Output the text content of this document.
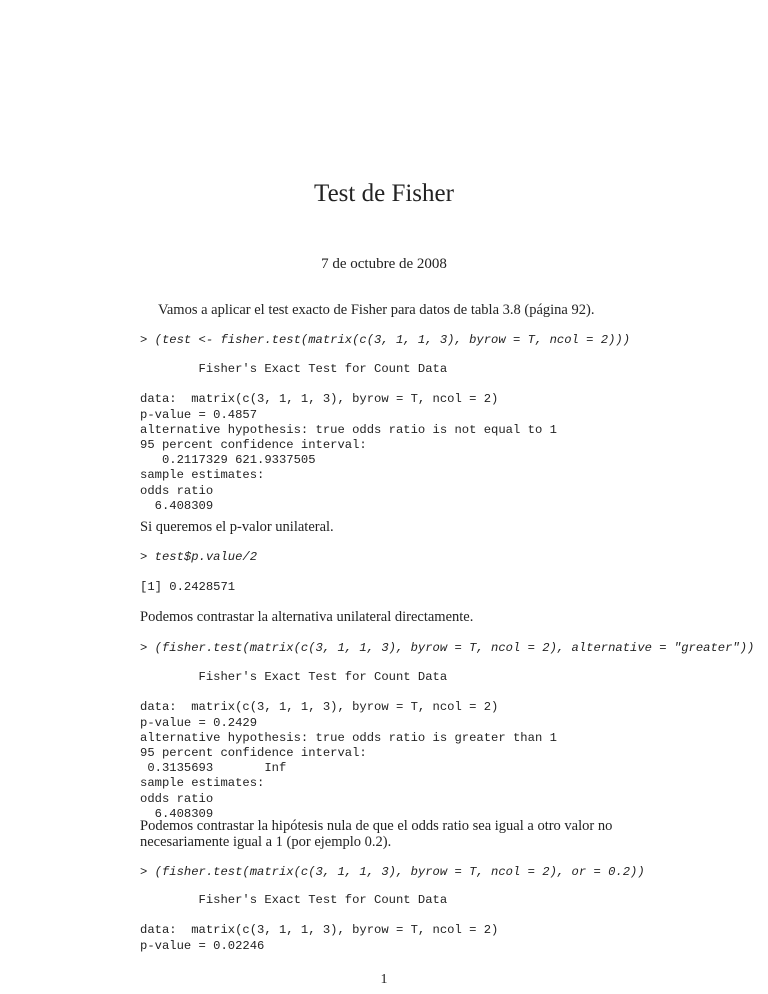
Test de Fisher
7 de octubre de 2008

Vamos a aplicar el test exacto de Fisher para datos de tabla 3.8 (página 92).

> (test <- fisher.test(matrix(c(3, 1, 1, 3), byrow = T, ncol = 2)))
Fisher's Exact Test for Count Data

data:  matrix(c(3, 1, 1, 3), byrow = T, ncol = 2)
p-value = 0.4857
alternative hypothesis: true odds ratio is not equal to 1
95 percent confidence interval:
0.2117329 621.9337505
sample estimates:
odds ratio
6.408309

Si queremos el p-valor unilateral.

> test$p.value/2
[1] 0.2428571

Podemos contrastar la alternativa unilateral directamente.

> (fisher.test(matrix(c(3, 1, 1, 3), byrow = T, ncol = 2), alternative = "greater"))
Fisher's Exact Test for Count Data

data:  matrix(c(3, 1, 1, 3), byrow = T, ncol = 2)
p-value = 0.2429
alternative hypothesis: true odds ratio is greater than 1
95 percent confidence interval:
0.3135693       Inf
sample estimates:
odds ratio
6.408309

Podemos contrastar la hipótesis nula de que el odds ratio sea igual a otro valor no

necesariamente igual a 1 (por ejemplo 0.2).

> (fisher.test(matrix(c(3, 1, 1, 3), byrow = T, ncol = 2), or = 0.2))
Fisher's Exact Test for Count Data

data:  matrix(c(3, 1, 1, 3), byrow = T, ncol = 2)
p-value = 0.02246
1
